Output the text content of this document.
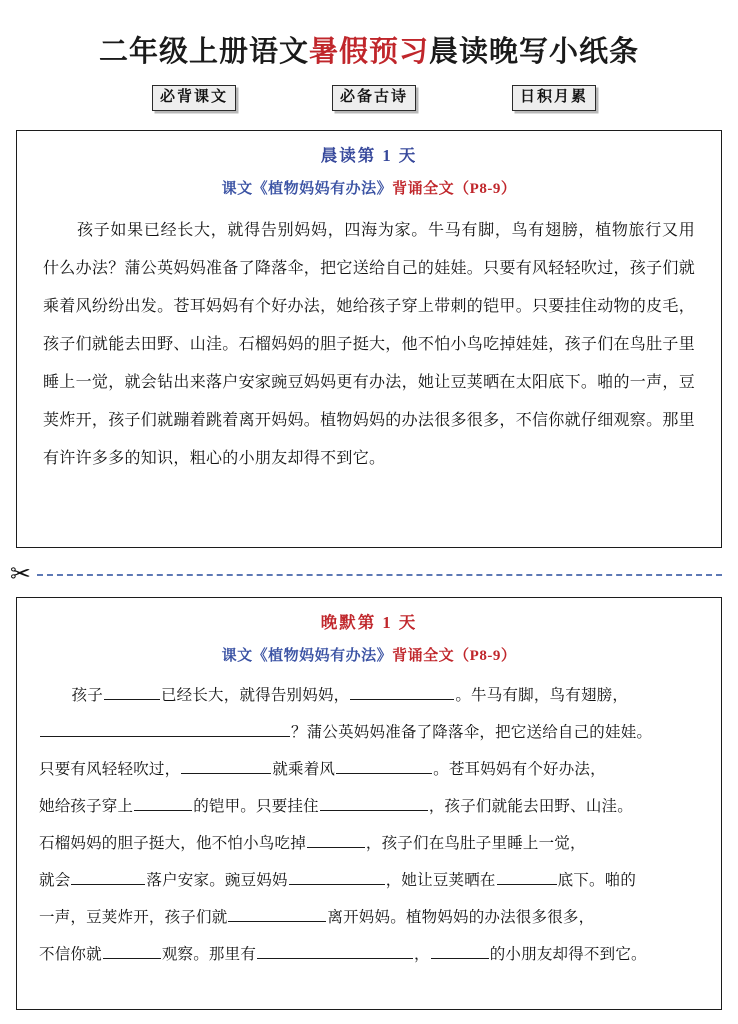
二年级上册语文暑假预习晨读晚写小纸条
必背课文	必备古诗	日积月累
晨读第 1 天
课文《植物妈妈有办法》背诵全文（P8-9）
孩子如果已经长大，就得告别妈妈，四海为家。牛马有脚，鸟有翅膀，植物旅行又用什么办法？蒲公英妈妈准备了降落伞，把它送给自己的娃娃。只要有风轻轻吹过，孩子们就乘着风纷纷出发。苍耳妈妈有个好办法，她给孩子穿上带刺的铠甲。只要挂住动物的皮毛，孩子们就能去田野、山洼。石榴妈妈的胆子挺大，他不怕小鸟吃掉娃娃，孩子们在鸟肚子里睡上一觉，就会钻出来落户安家豌豆妈妈更有办法，她让豆荚晒在太阳底下。啪的一声，豆荚炸开，孩子们就蹦着跳着离开妈妈。植物妈妈的办法很多很多，不信你就仔细观察。那里有许许多多的知识，粗心的小朋友却得不到它。
✂
晚默第 1 天
课文《植物妈妈有办法》背诵全文（P8-9）
孩子	已经长大，就得告别妈妈，	。牛马有脚，鸟有翅膀，
？蒲公英妈妈准备了降落伞，把它送给自己的娃娃。
只要有风轻轻吹过，	就乘着风	。苍耳妈妈有个好办法，
她给孩子穿上	的铠甲。只要挂住	，孩子们就能去田野、山洼。
石榴妈妈的胆子挺大，他不怕小鸟吃掉	，孩子们在鸟肚子里睡上一觉，
就会	落户安家。豌豆妈妈	，她让豆荚晒在	底下。啪的
一声，豆荚炸开，孩子们就	离开妈妈。植物妈妈的办法很多很多，
不信你就	观察。那里有	，	的小朋友却得不到它。
